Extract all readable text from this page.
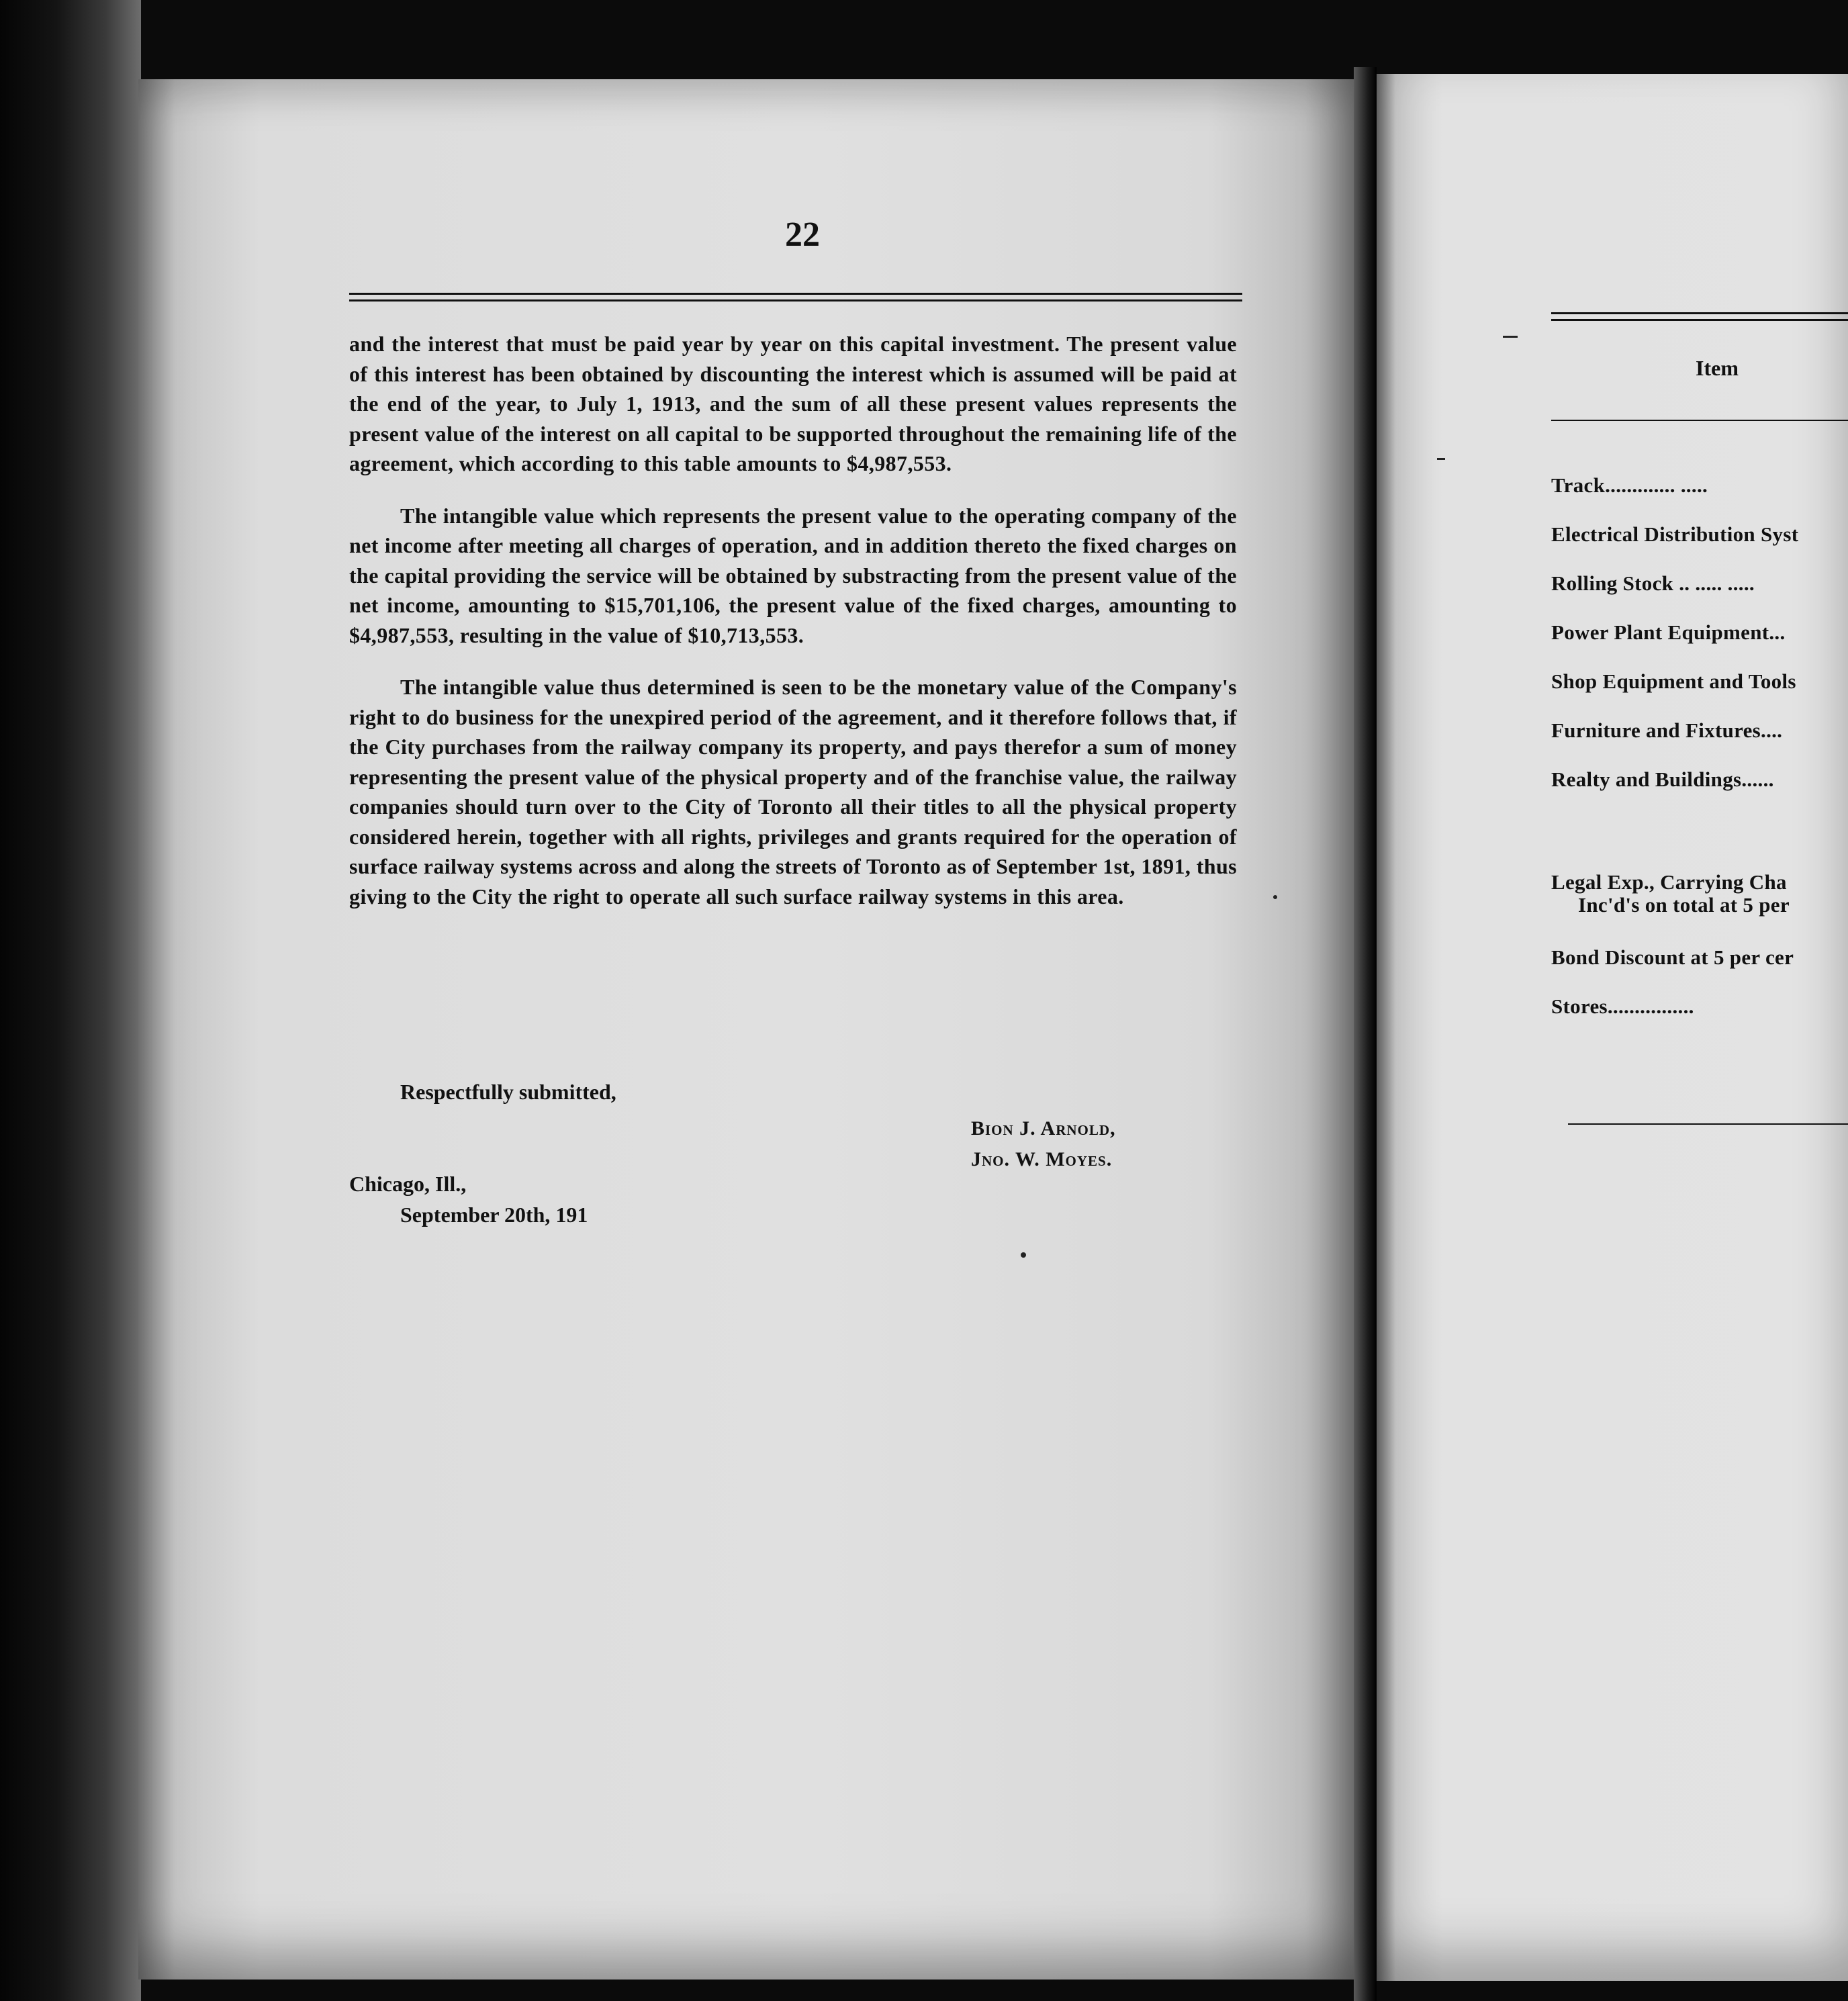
22

and the interest that must be paid year by year on this capital investment. The present value of this interest has been obtained by discounting the interest which is assumed will be paid at the end of the year, to July 1, 1913, and the sum of all these present values represents the present value of the interest on all capital to be supported throughout the remaining life of the agreement, which according to this table amounts to $4,987,553.

The intangible value which represents the present value to the operating company of the net income after meeting all charges of operation, and in addition thereto the fixed charges on the capital providing the service will be obtained by substracting from the present value of the net income, amounting to $15,701,106, the present value of the fixed charges, amounting to $4,987,553, resulting in the value of $10,713,553.

The intangible value thus determined is seen to be the monetary value of the Company's right to do business for the unexpired period of the agreement, and it therefore follows that, if the City purchases from the railway company its property, and pays therefor a sum of money representing the present value of the physical property and of the franchise value, the railway companies should turn over to the City of Toronto all their titles to all the physical property considered herein, together with all rights, privileges and grants required for the operation of surface railway systems across and along the streets of Toronto as of September 1st, 1891, thus giving to the City the right to operate all such surface railway systems in this area.

Respectfully submitted,
Bion J. Arnold,
Jno. W. Moyes.
Chicago, Ill.,
September 20th, 191
Item
Track............. .....
Electrical Distribution Syst
Rolling Stock .. ..... .....
Power Plant Equipment...
Shop Equipment and Tools
Furniture and Fixtures....
Realty and Buildings......
Legal Exp., Carrying Cha
Inc'd's on total at 5 per
Bond Discount at 5 per cer
Stores................
